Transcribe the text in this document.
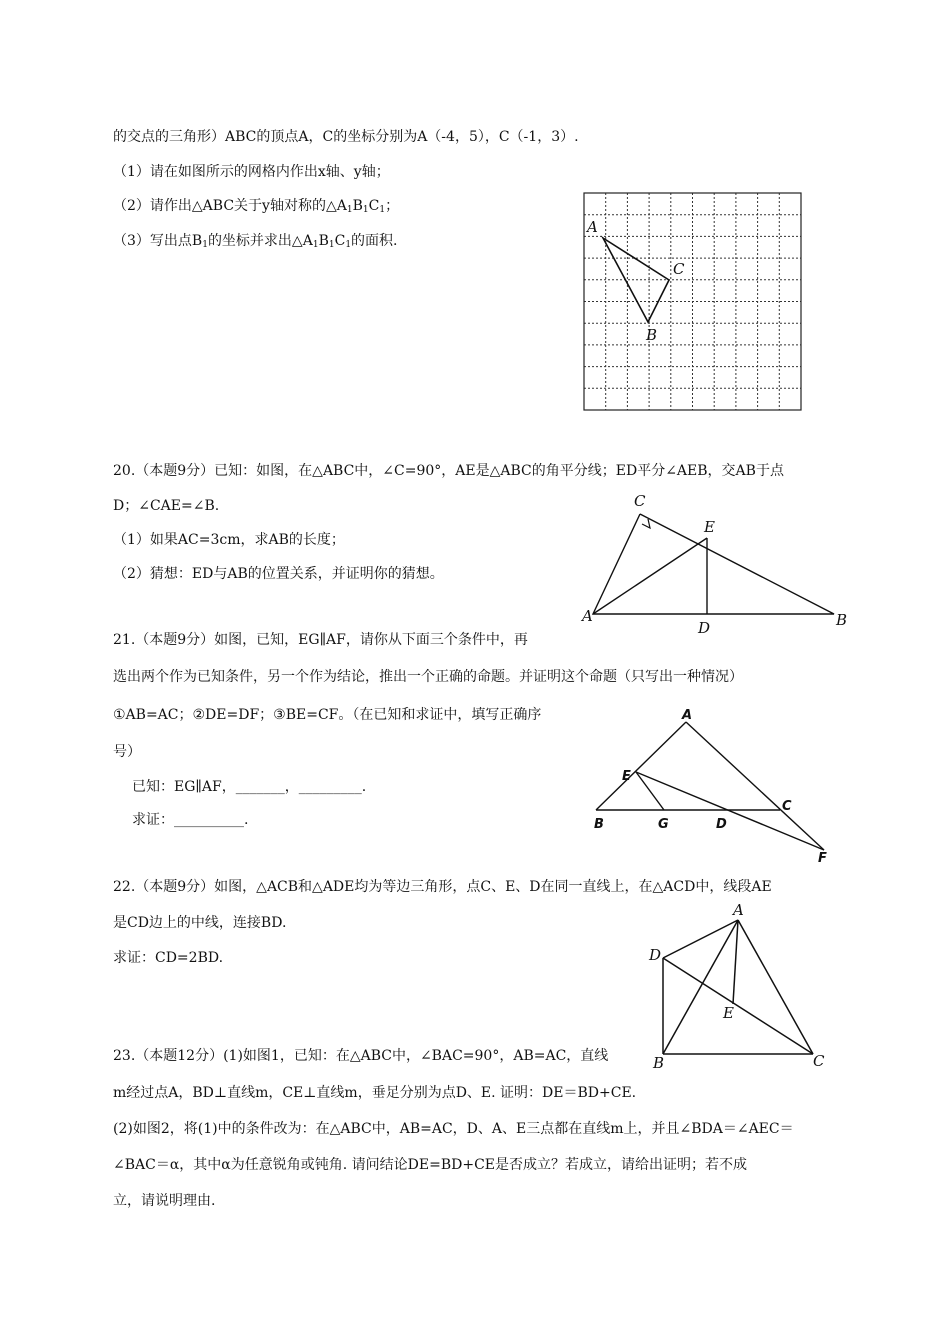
的交点的三角形）ABC的顶点A，C的坐标分别为A（-4，5），C（-1，3）.
（1）请在如图所示的网格内作出x轴、y轴；
（2）请作出△ABC关于y轴对称的$\triangle A_1B_1C_1$；
（3）写出点$B_1$的坐标并求出$\triangle A_1B_1C_1$的面积.
A
C
B
20.（本题9分）已知：如图，在△ABC中，∠C=90°，AE是△ABC的角平分线；ED平分∠AEB，交AB于点
D；∠CAE=∠B.
（1）如果AC=3cm，求AB的长度；
（2）猜想：ED与AB的位置关系，并证明你的猜想。
C
E
A
D	B
21.（本题9分）如图，已知，EG∥AF，请你从下面三个条件中，再
选出两个作为已知条件，另一个作为结论，推出一个正确的命题。并证明这个命题（只写出一种情况）
①AB=AC；②DE=DF；③BE=CF。（在已知和求证中，填写正确序
号）
已知：EG∥AF，_______，_________.
求证：__________.
A
E
B	G	D
C
F
22.（本题9分）如图，△ACB和△ADE均为等边三角形，点C、E、D在同一直线上，在△ACD中，线段AE
是CD边上的中线，连接BD.
求证：CD=2BD.
A
D
E
B	C
23.（本题12分）(1)如图1，已知：在△ABC中，∠BAC=90°，AB=AC，直线
m经过点A，BD⊥直线m，CE⊥直线m，垂足分别为点D、E. 证明：DE＝BD+CE.
(2)如图2，将(1)中的条件改为：在△ABC中，AB=AC，D、A、E三点都在直线m上，并且∠BDA＝∠AEC＝
∠BAC＝α，其中α为任意锐角或钝角. 请问结论DE=BD+CE是否成立？若成立，请给出证明；若不成
立，请说明理由.
